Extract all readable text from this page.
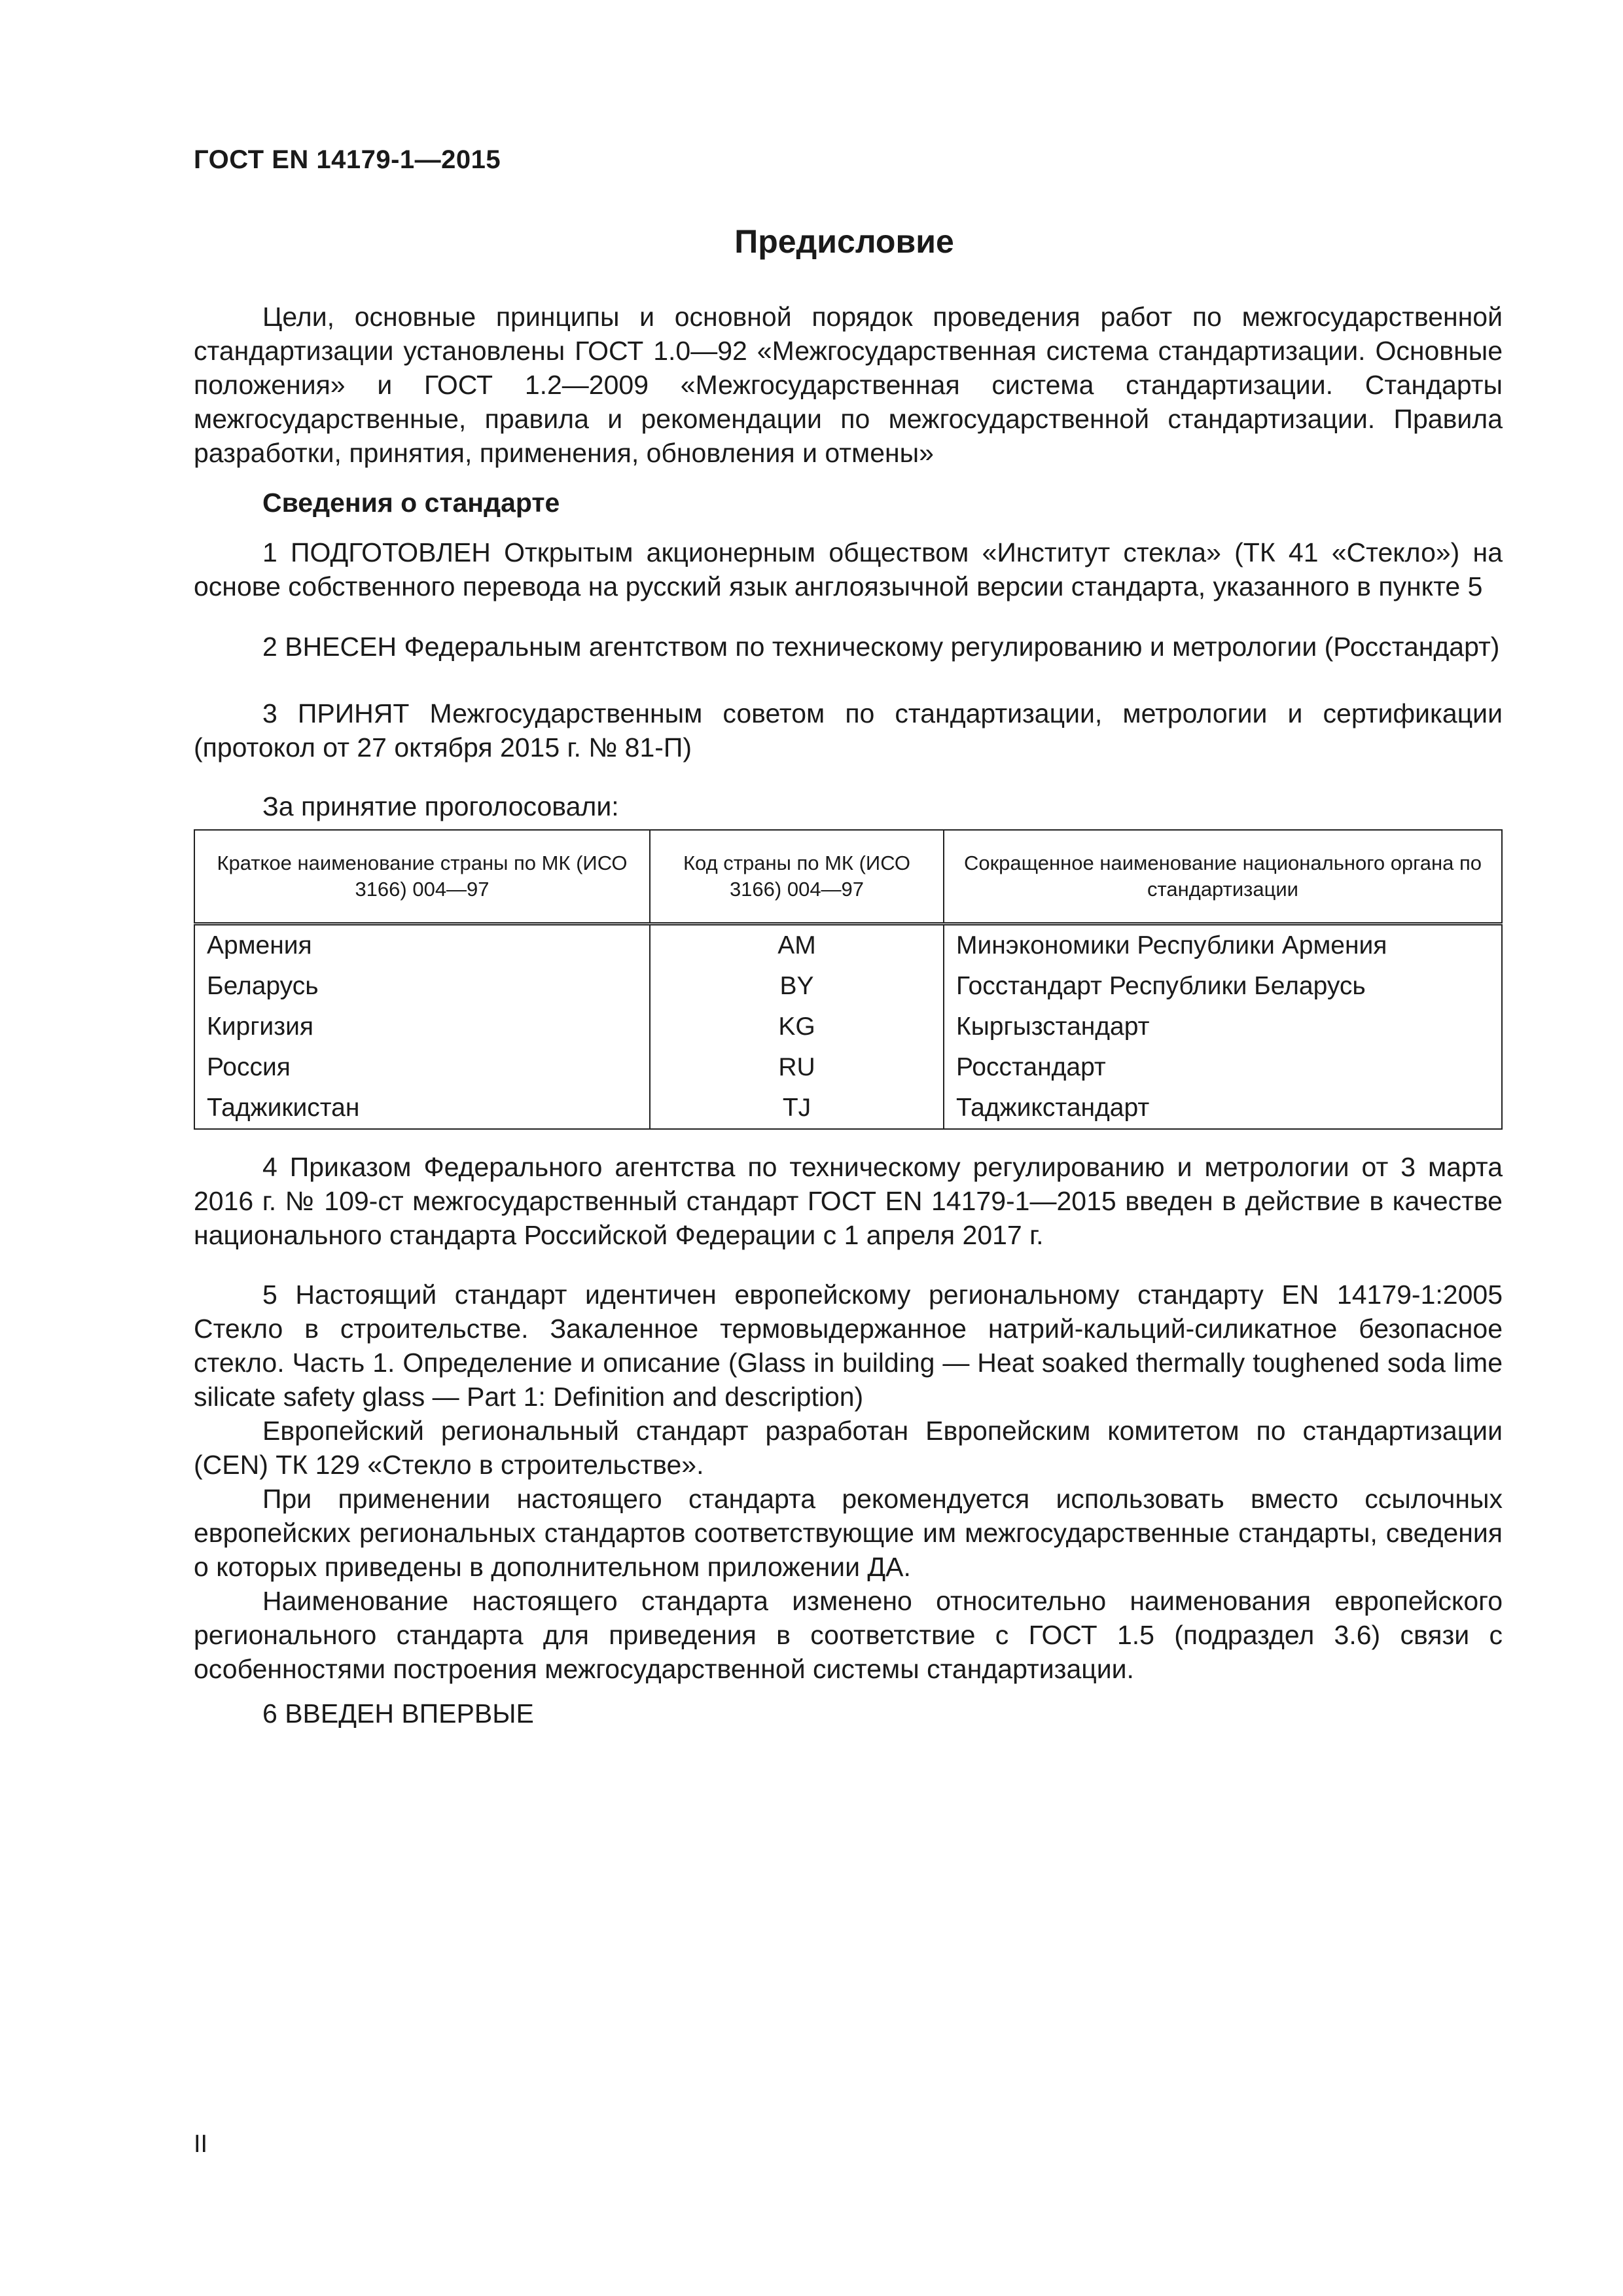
ГОСТ EN 14179-1—2015
Предисловие

Цели, основные принципы и основной порядок проведения работ по межгосударственной стандартизации установлены ГОСТ 1.0—92 «Межгосударственная система стандартизации. Основные положения» и ГОСТ 1.2—2009 «Межгосударственная система стандартизации. Стандарты межгосударственные, правила и рекомендации по межгосударственной стандартизации. Правила разработки, принятия, применения, обновления и отмены»

Сведения о стандарте

1 ПОДГОТОВЛЕН Открытым акционерным обществом «Институт стекла» (ТК 41 «Стекло») на основе собственного перевода на русский язык англоязычной версии стандарта, указанного в пункте 5

2 ВНЕСЕН Федеральным агентством по техническому регулированию и метрологии (Росстандарт)

3 ПРИНЯТ Межгосударственным советом по стандартизации, метрологии и сертификации (протокол от 27 октября 2015 г. № 81-П)

За принятие проголосовали:

Краткое наименование страны по МК (ИСО 3166) 004—97	Код страны по МК (ИСО 3166) 004—97	Сокращенное наименование национального органа по стандартизации
Армения	AM	Минэкономики Республики Армения
Беларусь	BY	Госстандарт Республики Беларусь
Киргизия	KG	Кыргызстандарт
Россия	RU	Росстандарт
Таджикистан	TJ	Таджикстандарт

4 Приказом Федерального агентства по техническому регулированию и метрологии от 3 марта 2016 г. № 109-ст межгосударственный стандарт ГОСТ EN 14179-1—2015 введен в действие в качестве национального стандарта Российской Федерации с 1 апреля 2017 г.

5 Настоящий стандарт идентичен европейскому региональному стандарту EN 14179-1:2005 Стекло в строительстве. Закаленное термовыдержанное натрий-кальций-силикатное безопасное стекло. Часть 1. Определение и описание (Glass in building — Heat soaked thermally toughened soda lime silicate safety glass — Part 1: Definition and description)

Европейский региональный стандарт разработан Европейским комитетом по стандартизации (CEN) ТК 129 «Стекло в строительстве».

При применении настоящего стандарта рекомендуется использовать вместо ссылочных европейских региональных стандартов соответствующие им межгосударственные стандарты, сведения о которых приведены в дополнительном приложении ДА.

Наименование настоящего стандарта изменено относительно наименования европейского регионального стандарта для приведения в соответствие с ГОСТ 1.5 (подраздел 3.6) связи с особенностями построения межгосударственной системы стандартизации.

6 ВВЕДЕН ВПЕРВЫЕ

II
